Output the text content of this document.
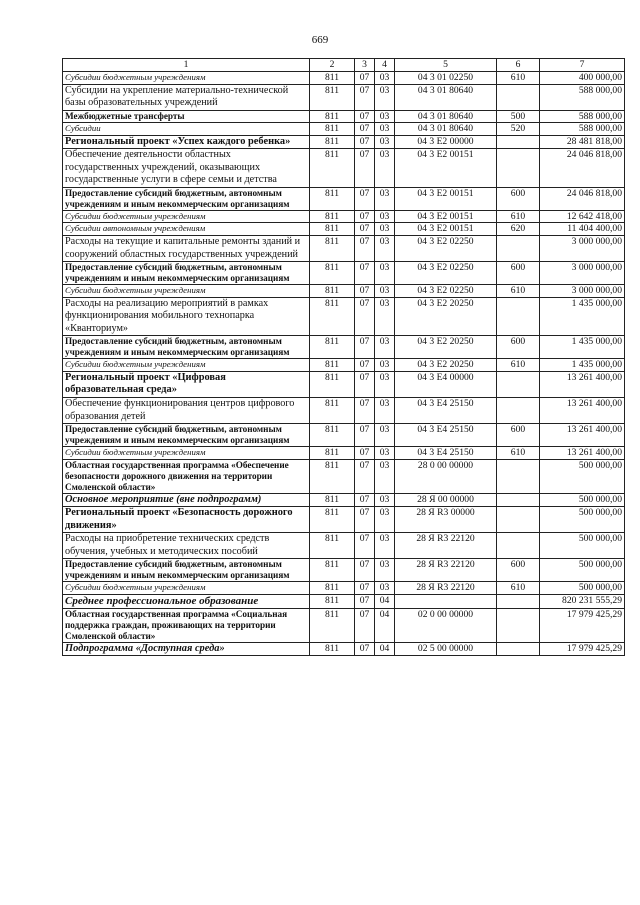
669
1	2	3	4	5	6	7
Субсидии бюджетным учреждениям	811	07	03	04 3 01 02250	610	400 000,00
Субсидии на укрепление материально-технической базы образовательных учреждений	811	07	03	04 3 01 80640		588 000,00
Межбюджетные трансферты	811	07	03	04 3 01 80640	500	588 000,00
Субсидии	811	07	03	04 3 01 80640	520	588 000,00
Региональный проект «Успех каждого ребенка»	811	07	03	04 3 E2 00000		28 481 818,00
Обеспечение деятельности областных государственных учреждений, оказывающих государственные услуги в сфере семьи и детства	811	07	03	04 3 E2 00151		24 046 818,00
Предоставление субсидий бюджетным, автономным учреждениям и иным некоммерческим организациям	811	07	03	04 3 E2 00151	600	24 046 818,00
Субсидии бюджетным учреждениям	811	07	03	04 3 E2 00151	610	12 642 418,00
Субсидии автономным учреждениям	811	07	03	04 3 E2 00151	620	11 404 400,00
Расходы на текущие и капитальные ремонты зданий и сооружений областных государственных учреждений	811	07	03	04 3 E2 02250		3 000 000,00
Предоставление субсидий бюджетным, автономным учреждениям и иным некоммерческим организациям	811	07	03	04 3 E2 02250	600	3 000 000,00
Субсидии бюджетным учреждениям	811	07	03	04 3 E2 02250	610	3 000 000,00
Расходы на реализацию мероприятий в рамках функционирования мобильного технопарка «Кванториум»	811	07	03	04 3 E2 20250		1 435 000,00
Предоставление субсидий бюджетным, автономным учреждениям и иным некоммерческим организациям	811	07	03	04 3 E2 20250	600	1 435 000,00
Субсидии бюджетным учреждениям	811	07	03	04 3 E2 20250	610	1 435 000,00
Региональный проект «Цифровая образовательная среда»	811	07	03	04 3 E4 00000		13 261 400,00
Обеспечение функционирования центров цифрового образования детей	811	07	03	04 3 E4 25150		13 261 400,00
Предоставление субсидий бюджетным, автономным учреждениям и иным некоммерческим организациям	811	07	03	04 3 E4 25150	600	13 261 400,00
Субсидии бюджетным учреждениям	811	07	03	04 3 E4 25150	610	13 261 400,00
Областная государственная программа «Обеспечение безопасности дорожного движения на территории Смоленской области»	811	07	03	28 0 00 00000		500 000,00
Основное мероприятие (вне подпрограмм)	811	07	03	28 Я 00 00000		500 000,00
Региональный проект «Безопасность дорожного движения»	811	07	03	28 Я R3 00000		500 000,00
Расходы на приобретение технических средств обучения, учебных и методических пособий	811	07	03	28 Я R3 22120		500 000,00
Предоставление субсидий бюджетным, автономным учреждениям и иным некоммерческим организациям	811	07	03	28 Я R3 22120	600	500 000,00
Субсидии бюджетным учреждениям	811	07	03	28 Я R3 22120	610	500 000,00
Среднее профессиональное образование	811	07	04			820 231 555,29
Областная государственная программа «Социальная поддержка граждан, проживающих на территории Смоленской области»	811	07	04	02 0 00 00000		17 979 425,29
Подпрограмма «Доступная среда»	811	07	04	02 5 00 00000		17 979 425,29
